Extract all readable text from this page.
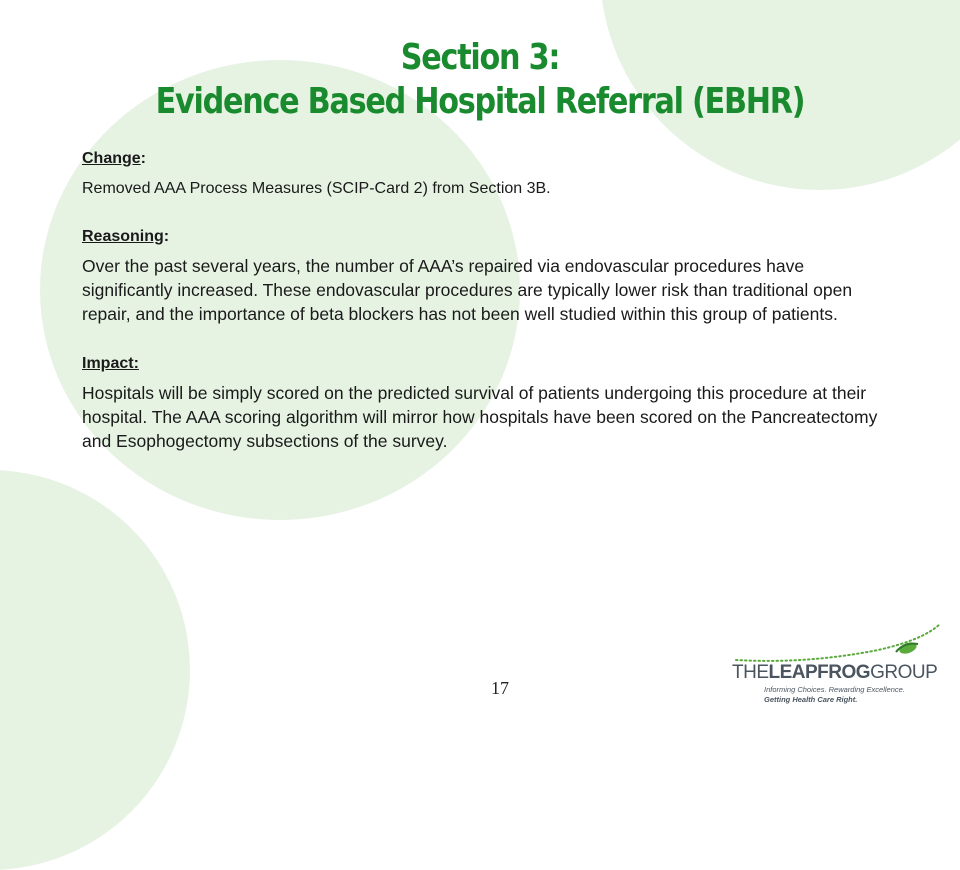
Section 3:
Evidence Based Hospital Referral (EBHR)
Change:
Removed AAA Process Measures (SCIP-Card 2) from Section 3B.
Reasoning:
Over the past several years, the number of AAA’s repaired via endovascular procedures have significantly increased. These endovascular procedures are typically lower risk than traditional open repair, and the importance of beta blockers has not been well studied within this group of patients.
Impact:
Hospitals will be simply scored on the predicted survival of patients undergoing this procedure at their hospital. The AAA scoring algorithm will mirror how hospitals have been scored on the Pancreatectomy and Esophogectomy subsections of the survey.
17
THELEAPFROGGROUP
Informing Choices. Rewarding Excellence.
Getting Health Care Right.
